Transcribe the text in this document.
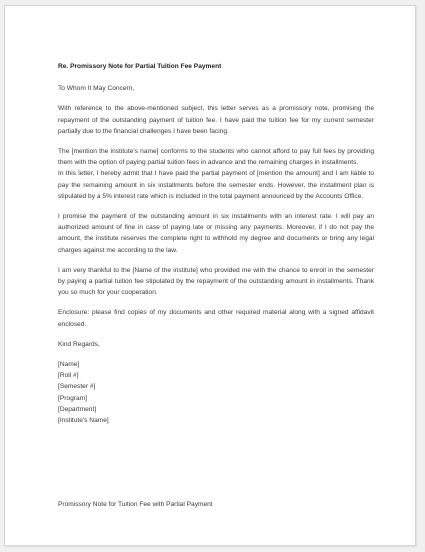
Re. Promissory Note for Partial Tuition Fee Payment

To Whom It May Concern,

With reference to the above-mentioned subject, this letter serves as a promissory note, promising the repayment of the outstanding payment of tuition fee. I have paid the tuition fee for my current semester partially due to the financial challenges I have been facing.

The [mention the institute's name] conforms to the students who cannot afford to pay full fees by providing them with the option of paying partial tuition fees in advance and the remaining charges in installments.

In this letter, I hereby admit that I have paid the partial payment of [mention the amount] and I am liable to pay the remaining amount in six installments before the semester ends. However, the installment plan is stipulated by a 5% interest rate which is included in the total payment announced by the Accounts Office.

I promise the payment of the outstanding amount in six installments with an interest rate. I will pay an authorized amount of fine in case of paying late or missing any payments. Moreover, if I do not pay the amount, the institute reserves the complete right to withhold my degree and documents or bring any legal charges against me according to the law.

I am very thankful to the [Name of the institute] who provided me with the chance to enroll in the semester by paying a partial tuition fee stipulated by the repayment of the outstanding amount in installments. Thank you so much for your cooperation.

Enclosure: please find copies of my documents and other required material along with a signed affidavit enclosed.

Kind Regards,

[Name]
[Roll #]
[Semester #]
[Program]
[Department]
[Institute's Name]
Promissory Note for Tuition Fee with Partial Payment
